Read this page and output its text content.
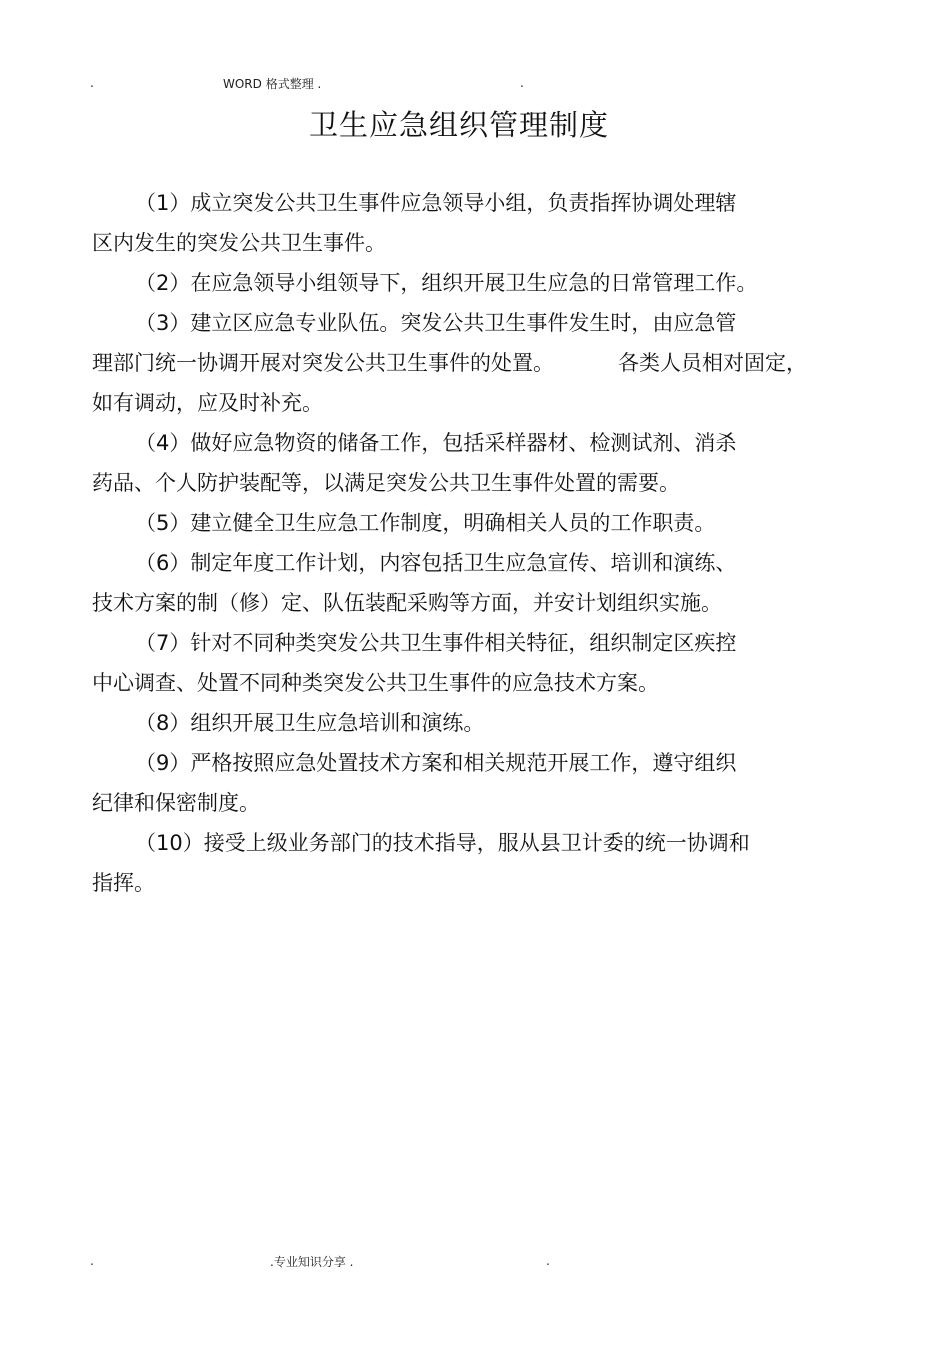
.	WORD 格式整理 .	.
卫生应急组织管理制度
（1）成立突发公共卫生事件应急领导小组，负责指挥协调处理辖
区内发生的突发公共卫生事件。
（2）在应急领导小组领导下，组织开展卫生应急的日常管理工作。
（3）建立区应急专业队伍。突发公共卫生事件发生时，由应急管
理部门统一协调开展对突发公共卫生事件的处置。	各类人员相对固定，
如有调动，应及时补充。
（4）做好应急物资的储备工作，包括采样器材、检测试剂、消杀
药品、个人防护装配等，以满足突发公共卫生事件处置的需要。
（5）建立健全卫生应急工作制度，明确相关人员的工作职责。
（6）制定年度工作计划，内容包括卫生应急宣传、培训和演练、
技术方案的制（修）定、队伍装配采购等方面，并安计划组织实施。
（7）针对不同种类突发公共卫生事件相关特征，组织制定区疾控
中心调查、处置不同种类突发公共卫生事件的应急技术方案。
（8）组织开展卫生应急培训和演练。
（9）严格按照应急处置技术方案和相关规范开展工作，遵守组织
纪律和保密制度。
（10）接受上级业务部门的技术指导，服从县卫计委的统一协调和
指挥。
.	.专业知识分享 .	.
